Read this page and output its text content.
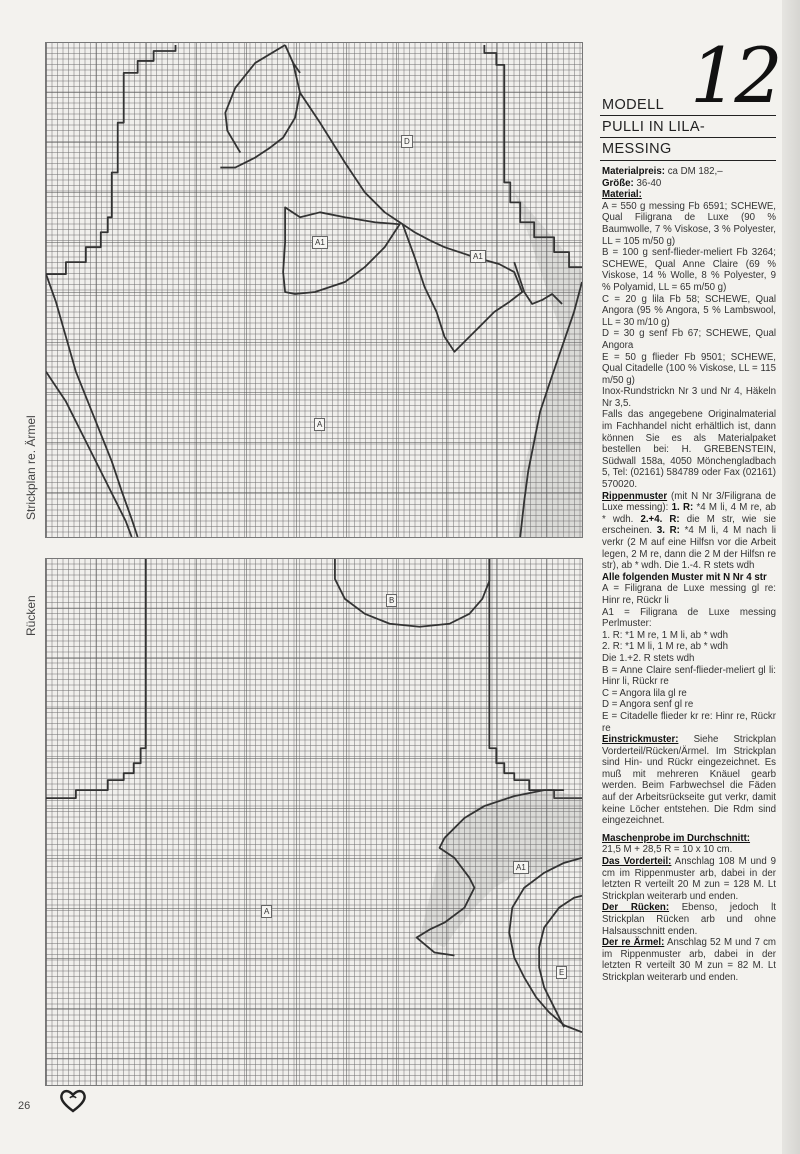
D
A1
A1
A
Strickplan re. Ärmel
B
A
A1
E
Rücken
12
MODELL
PULLI IN LILA-
MESSING

Materialpreis: ca DM 182,–

Größe: 36-40

Material:

A = 550 g messing Fb 6591; SCHEWE, Qual Filigrana de Luxe (90 % Baumwolle, 7 % Viskose, 3 % Polyester, LL = 105 m/50 g)

B = 100 g senf-flieder-meliert Fb 3264; SCHEWE, Qual Anne Claire (69 % Viskose, 14 % Wolle, 8 % Polyester, 9 % Polyamid, LL = 65 m/50 g)

C = 20 g lila Fb 58; SCHEWE, Qual Angora (95 % Angora, 5 % Lambswool, LL = 30 m/10 g)

D = 30 g senf Fb 67; SCHEWE, Qual Angora

E = 50 g flieder Fb 9501; SCHEWE, Qual Citadelle (100 % Viskose, LL = 115 m/50 g)

Inox-Rundstrickn Nr 3 und Nr 4, Häkeln Nr 3,5.

Falls das angegebene Originalmaterial im Fachhandel nicht erhältlich ist, dann können Sie es als Materialpaket bestellen bei: H. GREBENSTEIN, Südwall 158a, 4050 Mönchengladbach 5, Tel: (02161) 584789 oder Fax (02161) 570020.

Rippenmuster (mit N Nr 3/Filigrana de Luxe messing): 1. R: *4 M li, 4 M re, ab * wdh. 2.+4. R: die M str, wie sie erscheinen. 3. R: *4 M li, 4 M nach li verkr (2 M auf eine Hilfsn vor die Arbeit legen, 2 M re, dann die 2 M der Hilfsn re str), ab * wdh. Die 1.-4. R stets wdh

Alle folgenden Muster mit N Nr 4 str

A = Filigrana de Luxe messing gl re: Hinr re, Rückr li

A1 = Filigrana de Luxe messing Perlmuster:

1. R: *1 M re, 1 M li, ab * wdh

2. R: *1 M li, 1 M re, ab * wdh

Die 1.+2. R stets wdh

B = Anne Claire senf-flieder-meliert gl li: Hinr li, Rückr re

C = Angora lila gl re

D = Angora senf gl re

E = Citadelle flieder kr re: Hinr re, Rückr re

Einstrickmuster: Siehe Strickplan Vorderteil/Rücken/Ärmel. Im Strickplan sind Hin- und Rückr eingezeichnet. Es muß mit mehreren Knäuel gearb werden. Beim Farbwechsel die Fäden auf der Arbeitsrückseite gut verkr, damit keine Löcher entstehen. Die Rdm sind eingezeichnet.

Maschenprobe im Durchschnitt:
21,5 M + 28,5 R = 10 x 10 cm.

Das Vorderteil: Anschlag 108 M und 9 cm im Rippenmuster arb, dabei in der letzten R verteilt 20 M zun = 128 M. Lt Strickplan weiterarb und enden.

Der Rücken: Ebenso, jedoch lt Strickplan Rücken arb und ohne Halsausschnitt enden.

Der re Ärmel: Anschlag 52 M und 7 cm im Rippenmuster arb, dabei in der letzten R verteilt 30 M zun = 82 M. Lt Strickplan weiterarb und enden.

26
